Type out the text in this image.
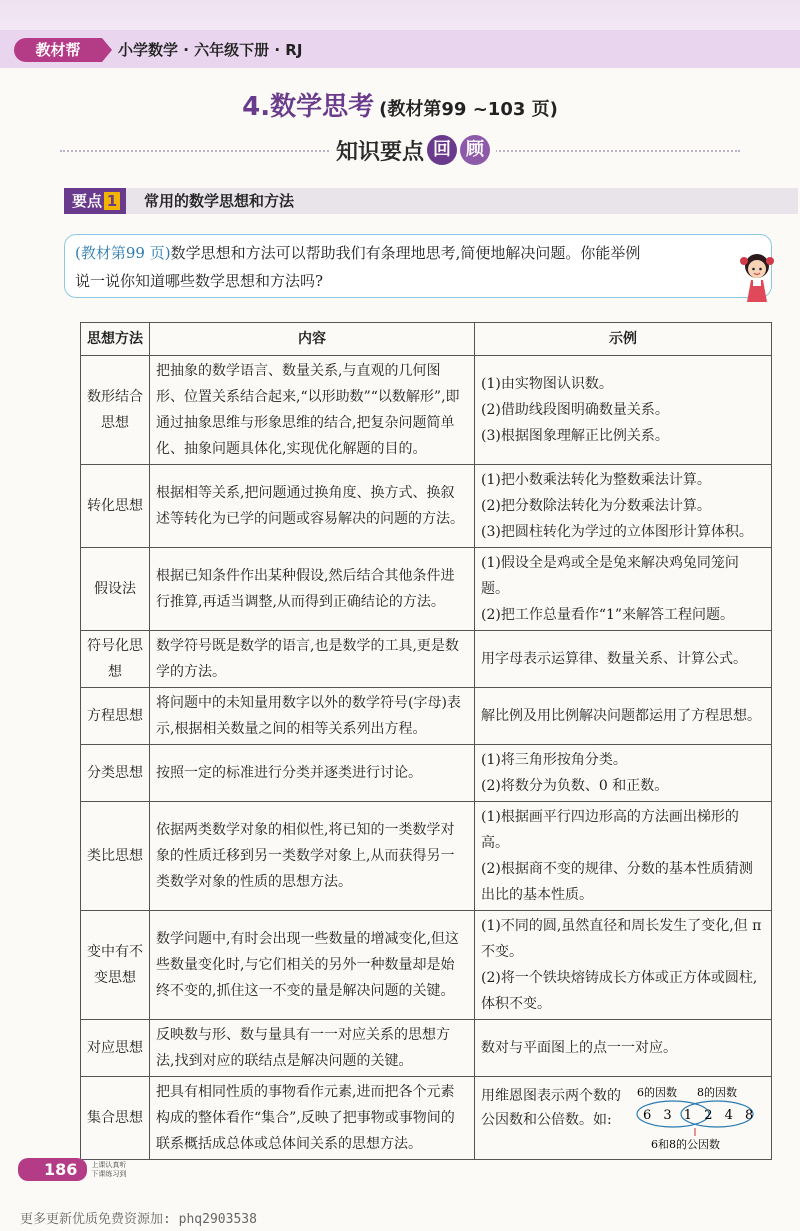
教材帮	小学数学 · 六年级下册 · RJ
4.数学思考 (教材第99 ~103 页)
知识要点 回 顾
要点 1	常用的数学思想和方法
(教材第99 页)数学思想和方法可以帮助我们有条理地思考,简便地解决问题。你能举例
说一说你知道哪些数学思想和方法吗?
思想方法	内容	示例
数形结合思想	把抽象的数学语言、数量关系,与直观的几何图形、位置关系结合起来,“以形助数”“以数解形”,即通过抽象思维与形象思维的结合,把复杂问题简单化、抽象问题具体化,实现优化解题的目的。	(1)由实物图认识数。
(2)借助线段图明确数量关系。
(3)根据图象理解正比例关系。
转化思想	根据相等关系,把问题通过换角度、换方式、换叙述等转化为已学的问题或容易解决的问题的方法。	(1)把小数乘法转化为整数乘法计算。
(2)把分数除法转化为分数乘法计算。
(3)把圆柱转化为学过的立体图形计算体积。
假设法	根据已知条件作出某种假设,然后结合其他条件进行推算,再适当调整,从而得到正确结论的方法。	(1)假设全是鸡或全是兔来解决鸡兔同笼问题。
(2)把工作总量看作“1”来解答工程问题。
符号化思想	数学符号既是数学的语言,也是数学的工具,更是数学的方法。	用字母表示运算律、数量关系、计算公式。
方程思想	将问题中的未知量用数字以外的数学符号(字母)表示,根据相关数量之间的相等关系列出方程。	解比例及用比例解决问题都运用了方程思想。
分类思想	按照一定的标准进行分类并逐类进行讨论。	(1)将三角形按角分类。
(2)将数分为负数、0 和正数。
类比思想	依据两类数学对象的相似性,将已知的一类数学对象的性质迁移到另一类数学对象上,从而获得另一类数学对象的性质的思想方法。	(1)根据画平行四边形高的方法画出梯形的高。
(2)根据商不变的规律、分数的基本性质猜测出比的基本性质。
变中有不变思想	数学问题中,有时会出现一些数量的增减变化,但这些数量变化时,与它们相关的另外一种数量却是始终不变的,抓住这一不变的量是解决问题的关键。	(1)不同的圆,虽然直径和周长发生了变化,但 π 不变。
(2)将一个铁块熔铸成长方体或正方体或圆柱,体积不变。
对应思想	反映数与形、数与量具有一一对应关系的思想方法,找到对应的联结点是解决问题的关键。	数对与平面图上的点一一对应。
集合思想	把具有相同性质的事物看作元素,进而把各个元素构成的整体看作“集合”,反映了把事物或事物间的联系概括成总体或总体间关系的思想方法。	用维恩图表示两个数的公因数和公倍数。如:
6的因数 8的因数
6 3 1 2 4 8
6和8的公因数
186	上课认真听
下课练习到
更多更新优质免费资源加: phq2903538
